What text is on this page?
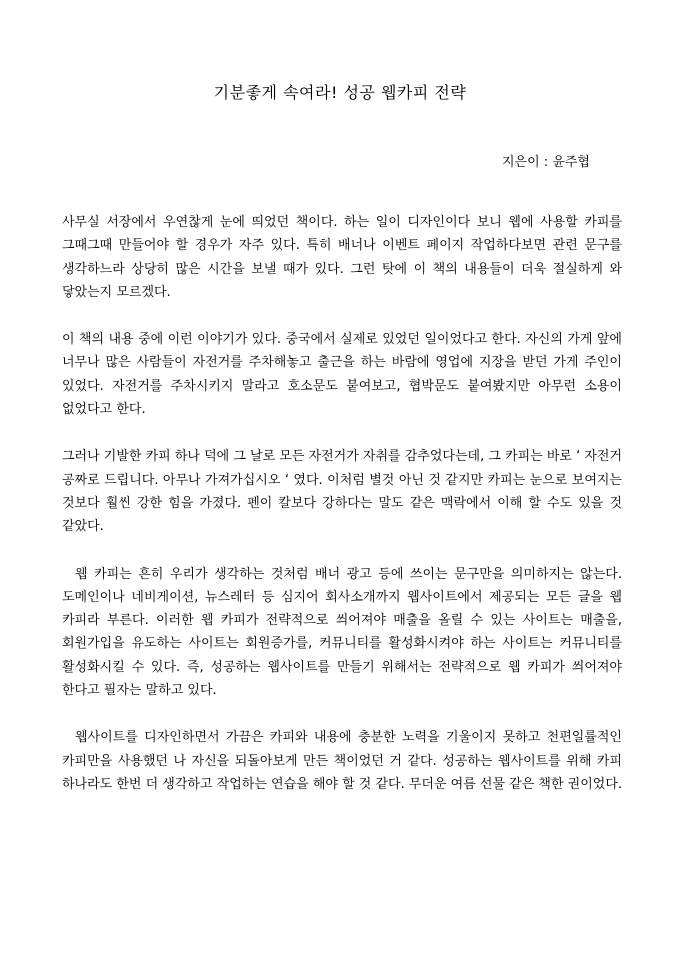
기분좋게 속여라! 성공 웹카피 전략
지은이 : 윤주협

사무실 서장에서 우연찮게 눈에 띄었던 책이다. 하는 일이 디자인이다 보니 웹에 사용할 카피를 그때그때 만들어야 할 경우가 자주 있다. 특히 배너나 이벤트 페이지 작업하다보면 관련 문구를 생각하느라 상당히 많은 시간을 보낼 때가 있다. 그런 탓에 이 책의 내용들이 더욱 절실하게 와 닿았는지 모르겠다.

이 책의 내용 중에 이런 이야기가 있다. 중국에서 실제로 있었던 일이었다고 한다. 자신의 가게 앞에 너무나 많은 사람들이 자전거를 주차해놓고 출근을 하는 바람에 영업에 지장을 받던 가게 주인이 있었다. 자전거를 주차시키지 말라고 호소문도 붙여보고, 협박문도 붙여봤지만 아무런 소용이 없었다고 한다.

그러나 기발한 카피 하나 덕에 그 날로 모든 자전거가 자취를 감추었다는데, 그 카피는 바로 ‘ 자전거 공짜로 드립니다. 아무나 가져가십시오 ‘ 였다. 이처럼 별것 아닌 것 같지만 카피는 눈으로 보여지는 것보다 훨씬 강한 힘을 가졌다. 펜이 칼보다 강하다는 말도 같은 맥락에서 이해 할 수도 있을 것 같았다.

웹 카피는 흔히 우리가 생각하는 것처럼 배너 광고 등에 쓰이는 문구만을 의미하지는 않는다. 도메인이나 네비게이션, 뉴스레터 등 심지어 회사소개까지 웹사이트에서 제공되는 모든 글을 웹 카피라 부른다. 이러한 웹 카피가 전략적으로 씌어져야 매출을 올릴 수 있는 사이트는 매출을, 회원가입을 유도하는 사이트는 회원증가를, 커뮤니티를 활성화시켜야 하는 사이트는 커뮤니티를 활성화시킬 수 있다. 즉, 성공하는 웹사이트를 만들기 위해서는 전략적으로 웹 카피가 씌어져야 한다고 필자는 말하고 있다.

웹사이트를 디자인하면서 가끔은 카피와 내용에 충분한 노력을 기울이지 못하고 천편일률적인 카피만을 사용했던 나 자신을 되돌아보게 만든 책이었던 거 같다. 성공하는 웹사이트를 위해 카피 하나라도 한번 더 생각하고 작업하는 연습을 해야 할 것 같다. 무더운 여름 선물 같은 책한 권이었다.
